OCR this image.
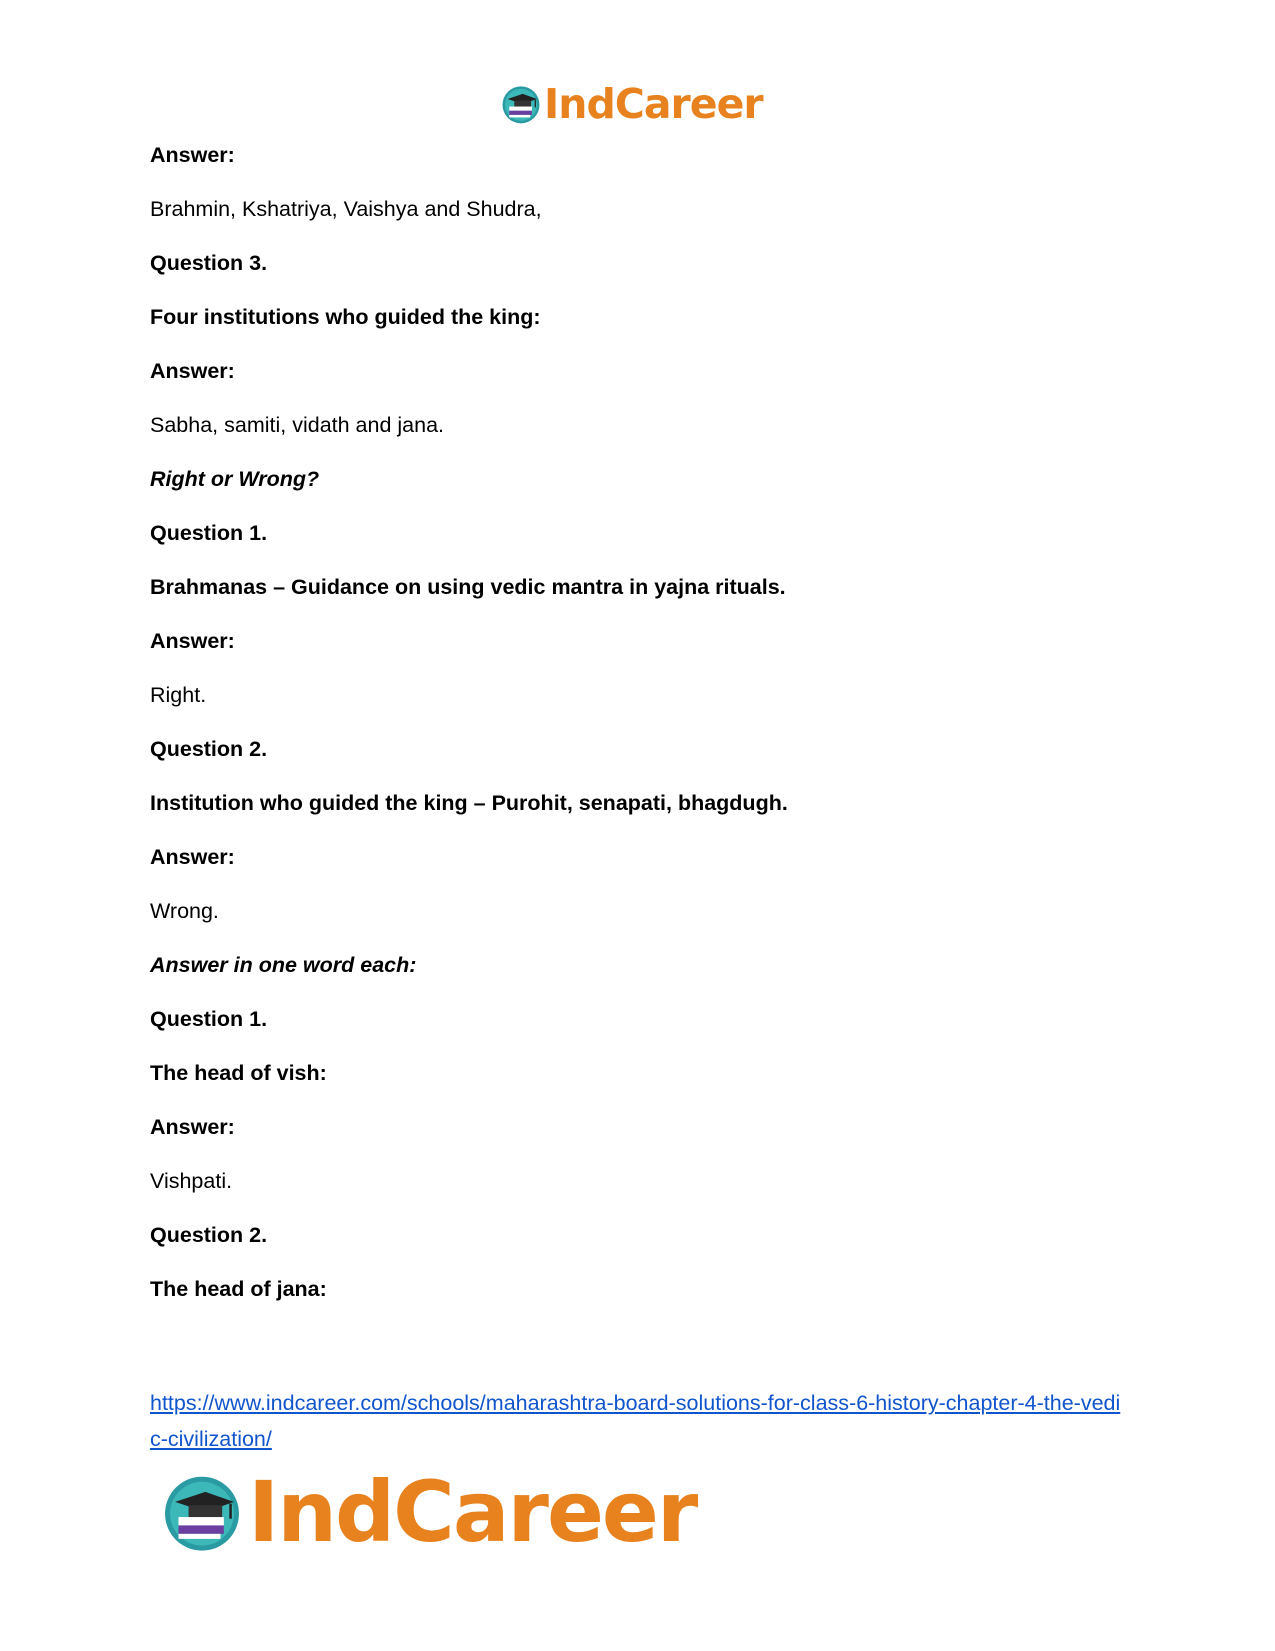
IndCareer
Answer:
Brahmin, Kshatriya, Vaishya and Shudra,
Question 3.
Four institutions who guided the king:
Answer:
Sabha, samiti, vidath and jana.
Right or Wrong?
Question 1.
Brahmanas – Guidance on using vedic mantra in yajna rituals.
Answer:
Right.
Question 2.
Institution who guided the king – Purohit, senapati, bhagdugh.
Answer:
Wrong.
Answer in one word each:
Question 1.
The head of vish:
Answer:
Vishpati.
Question 2.
The head of jana:
https://www.indcareer.com/schools/maharashtra-board-solutions-for-class-6-history-chapter-4-the-vedic-civilization/
IndCareer
